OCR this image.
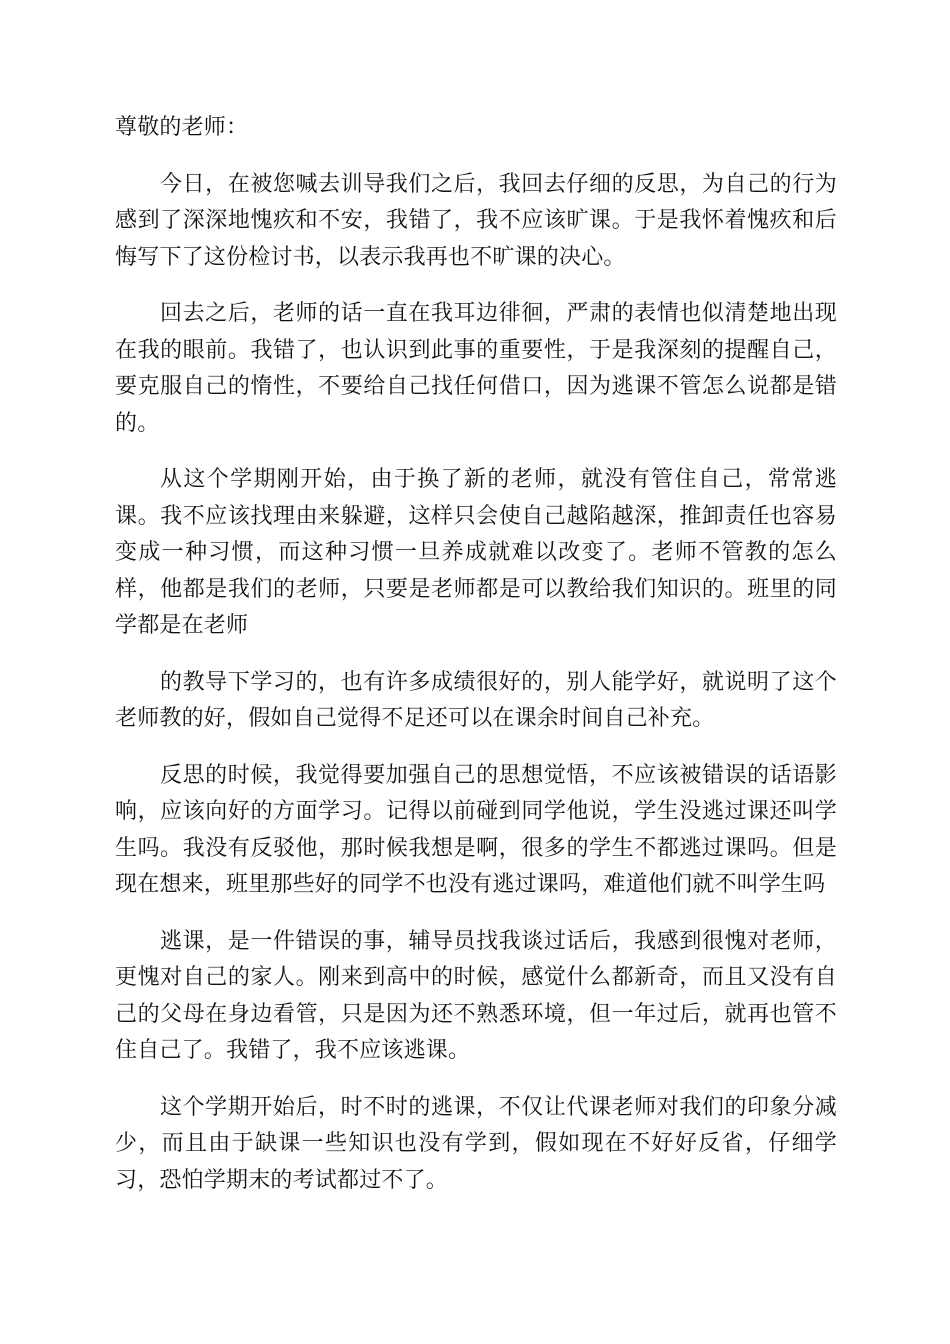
尊敬的老师：

今日，在被您喊去训导我们之后，我回去仔细的反思，为自己的行为感到了深深地愧疚和不安，我错了，我不应该旷课。于是我怀着愧疚和后悔写下了这份检讨书，以表示我再也不旷课的决心。

回去之后，老师的话一直在我耳边徘徊，严肃的表情也似清楚地出现在我的眼前。我错了，也认识到此事的重要性，于是我深刻的提醒自己，要克服自己的惰性，不要给自己找任何借口，因为逃课不管怎么说都是错的。

从这个学期刚开始，由于换了新的老师，就没有管住自己，常常逃课。我不应该找理由来躲避，这样只会使自己越陷越深，推卸责任也容易变成一种习惯，而这种习惯一旦养成就难以改变了。老师不管教的怎么样，他都是我们的老师，只要是老师都是可以教给我们知识的。班里的同学都是在老师

的教导下学习的，也有许多成绩很好的，别人能学好，就说明了这个老师教的好，假如自己觉得不足还可以在课余时间自己补充。

反思的时候，我觉得要加强自己的思想觉悟，不应该被错误的话语影响，应该向好的方面学习。记得以前碰到同学他说，学生没逃过课还叫学生吗。我没有反驳他，那时候我想是啊，很多的学生不都逃过课吗。但是现在想来，班里那些好的同学不也没有逃过课吗，难道他们就不叫学生吗

逃课，是一件错误的事，辅导员找我谈过话后，我感到很愧对老师，更愧对自己的家人。刚来到高中的时候，感觉什么都新奇，而且又没有自己的父母在身边看管，只是因为还不熟悉环境，但一年过后，就再也管不住自己了。我错了，我不应该逃课。

这个学期开始后，时不时的逃课，不仅让代课老师对我们的印象分减少，而且由于缺课一些知识也没有学到，假如现在不好好反省，仔细学习，恐怕学期末的考试都过不了。
